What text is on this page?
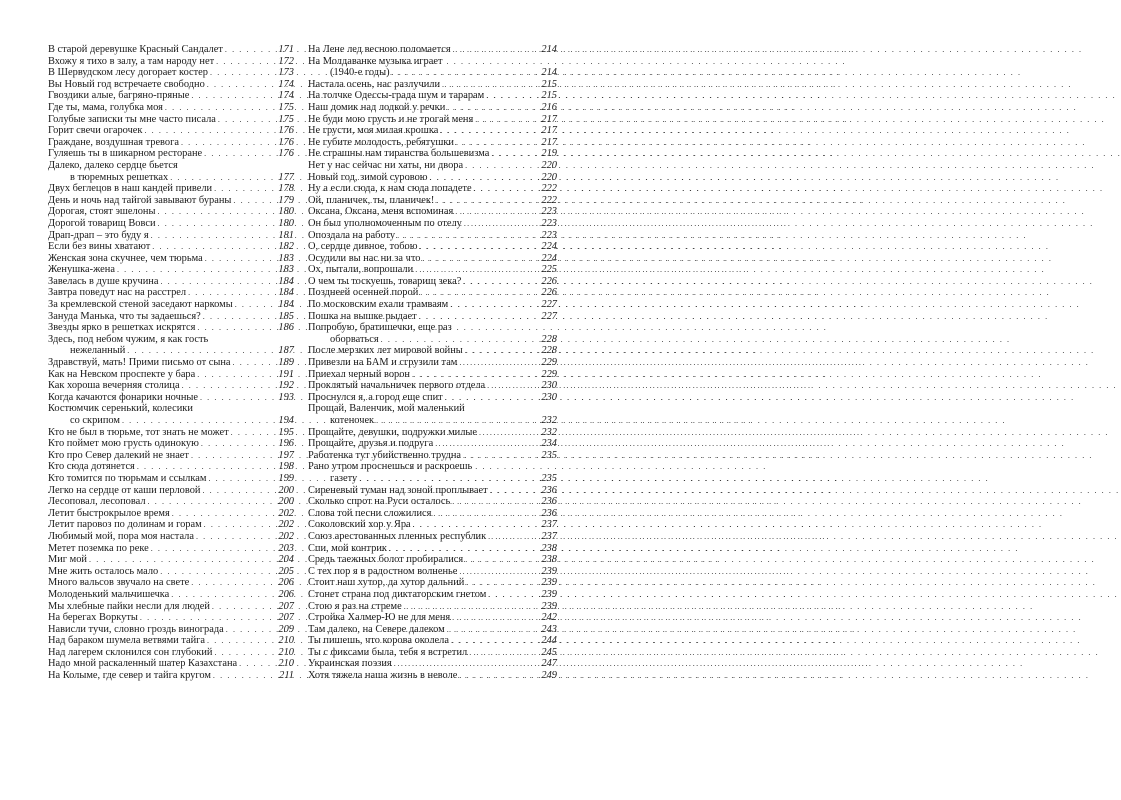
В старой деревушке Красный Сандалет . . .	171
Вхожу я тихо в залу, а там народу нет . . .	172
В Шервудском лесу догорает костер . . .	173
Вы Новый год встречаете свободно . . .	174
Гвоздики алые, багряно-пряные . . .	174
Где ты, мама, голубка моя . . .	175
Голубые записки ты мне часто писала . . .	175
Горит свечи огарочек . . .	176
Граждане, воздушная тревога . . .	176
Гуляешь ты в шикарном ресторане . . .	176
Далеко, далеко сердце бьется
в тюремных решетках . . .	177
Двух беглецов в наш кандей привели . . .	178
День и ночь над тайгой завывают бураны . . .	179
Дорогая, стоят эшелоны . . .	180
Дорогой товарищ Вовси . . .	180
Драп-драп – это буду я . . .	181
Если без вины хватают . . .	182
Женская зона скучнее, чем тюрьма . . .	183
Женушка-жена . . .	183
Завелась в душе кручина . . .	184
Завтра поведут нас на расстрел . . .	184
За кремлевской стеной заседают наркомы . . .	184
Зануда Манька, что ты задаешься? . . .	185
Звезды яркo в решетках искрятся . . .	186
Здесь, под небом чужим, я как гость
нежеланный . . .	187
Здравствуй, мать! Прими письмо от сына . . .	189
Как на Невском проспекте у бара . . .	191
Как хороша вечерняя столица . . .	192
Когда качаются фонарики ночные . . .	193
Костюмчик серенький, колесики
со скрипом . . .	194
Кто не был в тюрьме, тот знать не может . . .	195
Кто поймет мою грусть одинокую . . .	196
Кто про Север далекий не знает . . .	197
Кто сюда дотянется . . .	198
Кто томится по тюрьмам и ссылкам . . .	199
Легко на сердце от каши перловой . . .	200
Лесоповал, лесоповал . . .	200
Летит быстрокрылое время . . .	202
Летит паровоз по долинам и горам . . .	202
Любимый мой, пора моя настала . . .	202
Метет поземка по реке . . .	203
Миг мой . . .	204
Мне жить осталось мало . . .	205
Много вальсов звучало на свете . . .	206
Молоденький мальчишечка . . .	206
Мы хлебные пайки несли для людей . . .	207
На берегах Воркуты . . .	207
Нависли тучи, словно гроздь винограда . . .	209
Над бараком шумела ветвями тайга . . .	210
Над лагерем склонился сон глубокий . . .	210
Надо мной раскаленный шатер Казахстана . . .	210
На Колыме, где север и тайга кругом . . .	211
На Лене лед весною поломается . . .	214
На Молдаванке музыка играет
(1940-е годы) . . .	214
Настала осень, нас разлучили . . .	215
На толчке Одессы-града шум и тарарам . . .	215
Наш домик над лодкой у речки . . .	216
Не буди мою грусть и не трогай меня . . .	217
Не грусти, моя милая крошка . . .	217
Не губите молодость, ребятушки . . .	217
Не страшны нам тиранства большевизма . . .	219
Нет у нас сейчас ни хаты, ни двора . . .	220
Новый год, зимой суровою . . .	220
Ну а если сюда, к нам сюда попадете . . .	222
Ой, планичек, ты, планичек! . . .	222
Оксана, Оксана, меня вспоминая . . .	223
Он был уполномоченным по отелу . . .	223
Опоздала на работу . . .	223
О, сердце дивное, тобою . . .	224
Осудили вы нас ни за что . . .	224
Ох, пытали, вопрошали . . .	225
О чем ты тоскуешь, товарищ зека? . . .	226
Позднеей осенней порой . . .	226
По московским ехали трамваям . . .	227
Пошка на вышке рыдает . . .	227
Попробую, братишечки, еще раз
оборваться . . .	228
После мерзких лет мировой войны . . .	228
Привезли на БАМ и сгрузили там . . .	229
Приехал черный ворон . . .	229
Проклятый начальничек первого отдела . . .	230
Проснулся я, а город еще спит . . .	230
Прощай, Валенчик, мой маленький
котеночек . . .	232
Прощайте, девушки, подружки милые . . .	232
Прощайте, друзья и подруга . . .	234
Работенка тут убийственно трудна . . .	235
Рано утром проснешься и раскроешь
газету . . .	235
Сиреневый туман над зоной проплывает . . .	236
Сколько спрот на Руси осталось . . .	236
Слова той песни сложилися . . .	236
Соколовский хор у Яра . . .	237
Союз арестованных пленных республик . . .	237
Спи, мой контрик . . .	238
Средь таежных болот пробиралися . . .	238
С тех пор я в радостном волненье . . .	239
Стоит наш хутор, да хутор дальний . . .	239
Стонет страна под диктаторским гнетом . . .	239
Стою я раз на стреме . . .	239
Стройка Халмер-Ю не для меня . . .	242
Там далеко, на Севере далеком . . .	243
Ты пишешь, что корова околела . . .	244
Ты с фиксами была, тебя я встретил . . .	245
Украинская поэзия . . .	247
Хотя тяжела наша жизнь в неволе . . .	249
